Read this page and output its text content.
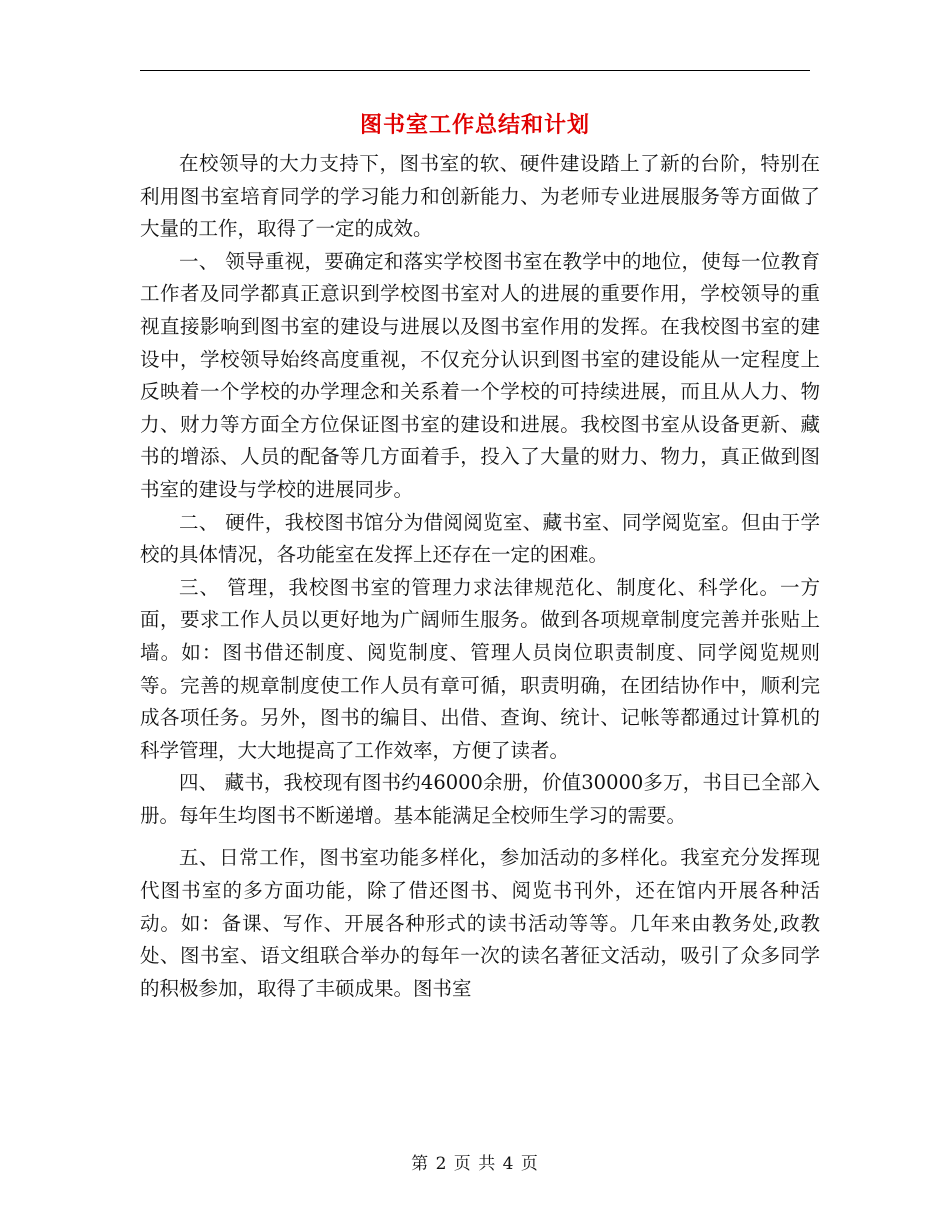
图书室工作总结和计划

在校领导的大力支持下，图书室的软、硬件建设踏上了新的台阶，特别在利用图书室培育同学的学习能力和创新能力、为老师专业进展服务等方面做了大量的工作，取得了一定的成效。

一、 领导重视，要确定和落实学校图书室在教学中的地位，使每一位教育工作者及同学都真正意识到学校图书室对人的进展的重要作用，学校领导的重视直接影响到图书室的建设与进展以及图书室作用的发挥。在我校图书室的建设中，学校领导始终高度重视，不仅充分认识到图书室的建设能从一定程度上反映着一个学校的办学理念和关系着一个学校的可持续进展，而且从人力、物力、财力等方面全方位保证图书室的建设和进展。我校图书室从设备更新、藏书的增添、人员的配备等几方面着手，投入了大量的财力、物力，真正做到图书室的建设与学校的进展同步。

二、 硬件，我校图书馆分为借阅阅览室、藏书室、同学阅览室。但由于学校的具体情况，各功能室在发挥上还存在一定的困难。

三、 管理，我校图书室的管理力求法律规范化、制度化、科学化。一方面，要求工作人员以更好地为广阔师生服务。做到各项规章制度完善并张贴上墙。如：图书借还制度、阅览制度、管理人员岗位职责制度、同学阅览规则等。完善的规章制度使工作人员有章可循，职责明确，在团结协作中，顺利完成各项任务。另外，图书的编目、出借、查询、统计、记帐等都通过计算机的科学管理，大大地提高了工作效率，方便了读者。

四、 藏书，我校现有图书约46000余册，价值30000多万，书目已全部入册。每年生均图书不断递增。基本能满足全校师生学习的需要。

五、日常工作，图书室功能多样化，参加活动的多样化。我室充分发挥现代图书室的多方面功能，除了借还图书、阅览书刊外，还在馆内开展各种活动。如：备课、写作、开展各种形式的读书活动等等。几年来由教务处,政教处、图书室、语文组联合举办的每年一次的读名著征文活动，吸引了众多同学的积极参加，取得了丰硕成果。图书室

第 2 页 共 4 页
